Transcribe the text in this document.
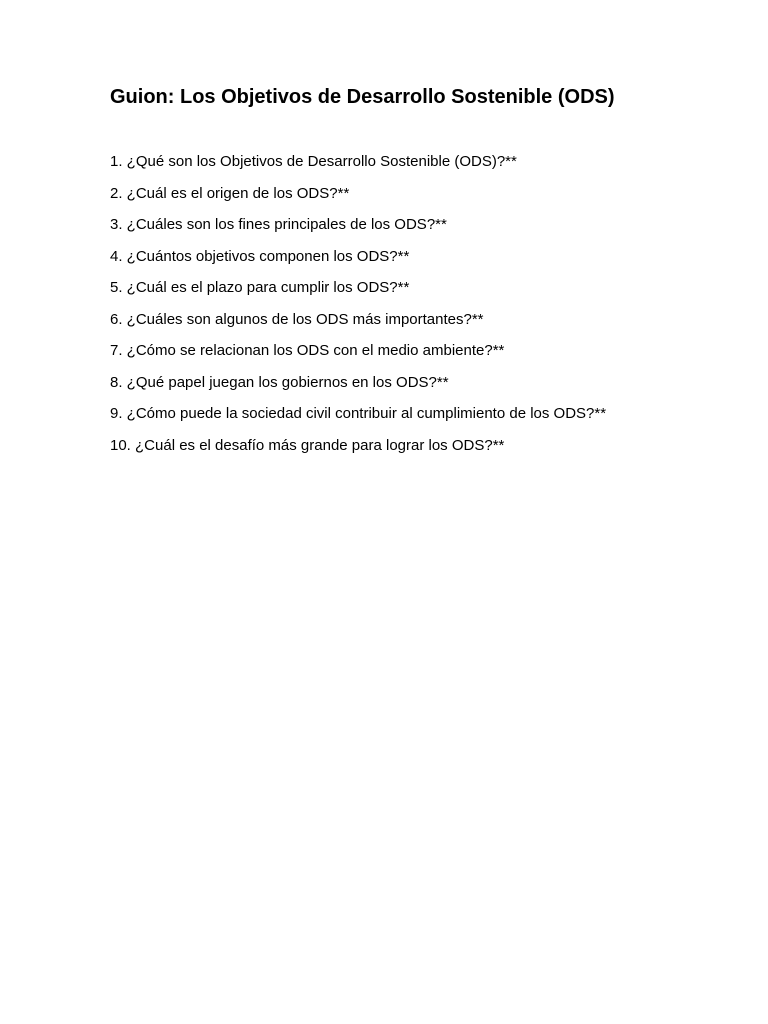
Guion: Los Objetivos de Desarrollo Sostenible (ODS)
1. ¿Qué son los Objetivos de Desarrollo Sostenible (ODS)?**
2. ¿Cuál es el origen de los ODS?**
3. ¿Cuáles son los fines principales de los ODS?**
4. ¿Cuántos objetivos componen los ODS?**
5. ¿Cuál es el plazo para cumplir los ODS?**
6. ¿Cuáles son algunos de los ODS más importantes?**
7. ¿Cómo se relacionan los ODS con el medio ambiente?**
8. ¿Qué papel juegan los gobiernos en los ODS?**
9. ¿Cómo puede la sociedad civil contribuir al cumplimiento de los ODS?**
10. ¿Cuál es el desafío más grande para lograr los ODS?**
